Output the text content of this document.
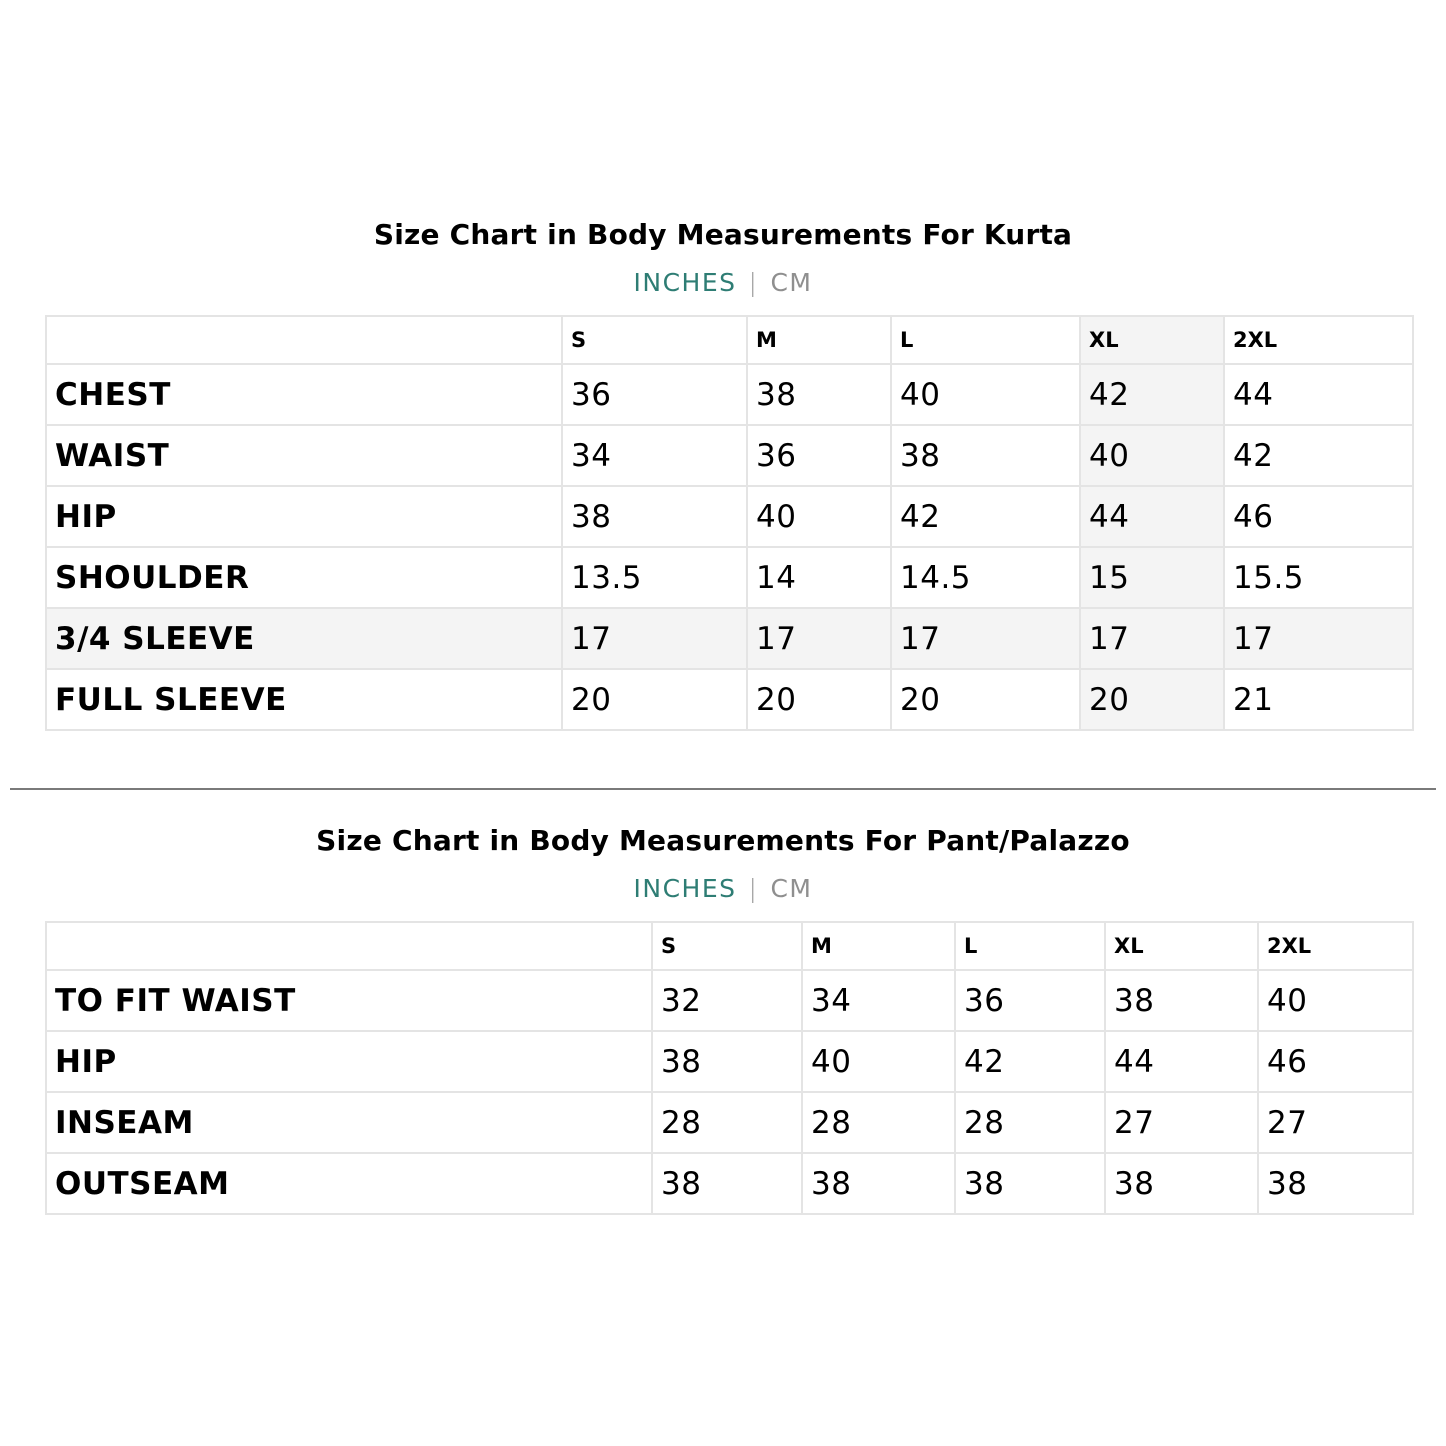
Size Chart in Body Measurements For Kurta
INCHES | CM
	S	M	L	XL	2XL
CHEST	36	38	40	42	44
WAIST	34	36	38	40	42
HIP	38	40	42	44	46
SHOULDER	13.5	14	14.5	15	15.5
3/4 SLEEVE	17	17	17	17	17
FULL SLEEVE	20	20	20	20	21
Size Chart in Body Measurements For Pant/Palazzo
INCHES | CM
	S	M	L	XL	2XL
TO FIT WAIST	32	34	36	38	40
HIP	38	40	42	44	46
INSEAM	28	28	28	27	27
OUTSEAM	38	38	38	38	38
